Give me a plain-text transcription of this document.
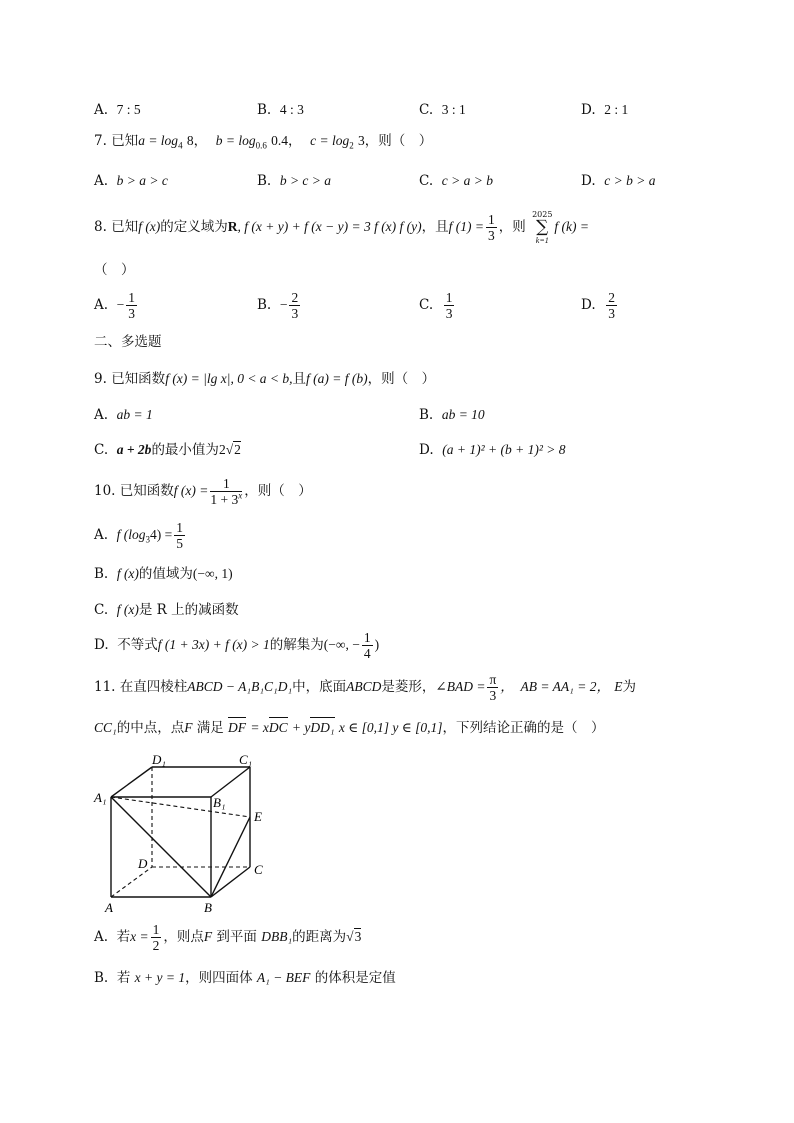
A. 7 : 5	B. 4 : 3	C. 3 : 1	D. 2 : 1
7. 已知$a = \log_4 8$， $b = \log_{0.6} 0.4$， $c = \log_2 3$，则（　）
A. b > a > c	B. b > c > a	C. c > a > b	D. c > b > a
8. 已知f (x)的定义域为R, f (x + y) + f (x − y) = 3 f (x) f (y)，且f $(1) = \frac{1}{3}$ ，则
2025
∑
k=1
f (k) =
（　）
A. − $\frac{1}{3}$	B. − $\frac{2}{3}$	C. $\frac{1}{3}$	D. $\frac{2}{3}$
二、多选题
9. 已知函数f (x) = |lg x|, 0 < a < b,且f (a) = f (b)，则（　）
A. ab = 1	B. ab = 10
C. a + 2b的最小值为2√2	D. (a + 1)² + (b + 1)² > 8
10. 已知函数f $(x) = \frac{1}{1 + 3^x}$ ，则（　）
A. f $(\log_34) = \frac{1}{5}$
B. f (x)的值域为(−∞, 1)
C. f (x)是 R 上的减函数
D. 不等式f (1 + 3x) + f (x) > 1的解集为(−∞, − $\frac{1}{4}$ )
11. 在直四棱柱ABCD − A₁B₁C₁D₁中，底面ABCD是菱形，∠BAD = $\frac{\pi}{3}$ ，　AB = AA₁ = 2， E为
CC₁的中点，点F 满足 DF = xDC + yDD₁ x ∈ [0,1] y ∈ [0,1]，下列结论正确的是（　）
D₁	C₁
A₁	B₁
E
D	C
A	B
A. 若$x = \frac{1}{2}$ ，则点F 到平面 DBB₁的距离为√3
B. 若 x + y = 1，则四面体 A₁ − BEF 的体积是定值
